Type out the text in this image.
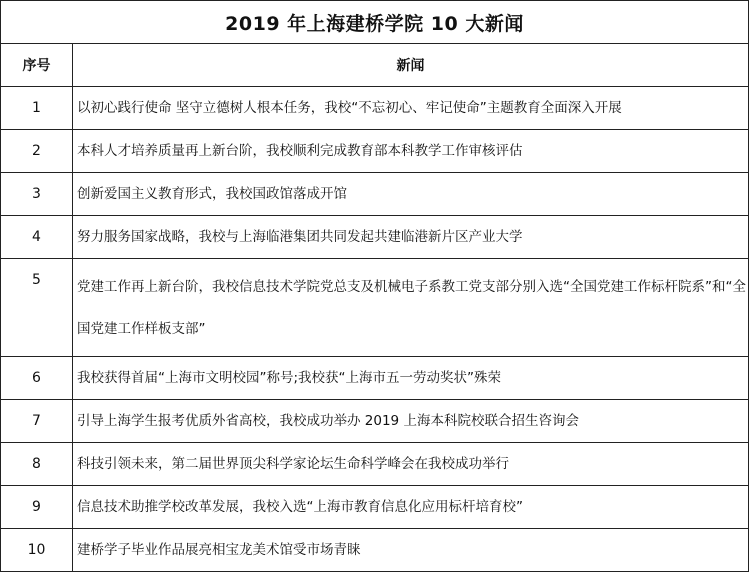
2019 年上海建桥学院 10 大新闻	
序号	新闻
1	以初心践行使命 坚守立德树人根本任务，我校“不忘初心、牢记使命”主题教育全面深入开展
2	本科人才培养质量再上新台阶，我校顺利完成教育部本科教学工作审核评估
3	创新爱国主义教育形式，我校国政馆落成开馆
4	努力服务国家战略，我校与上海临港集团共同发起共建临港新片区产业大学
5	党建工作再上新台阶，我校信息技术学院党总支及机械电子系教工党支部分别入选“全国党建工作标杆院系”和“全国党建工作样板支部”
6	我校获得首届“上海市文明校园”称号;我校获“上海市五一劳动奖状”殊荣
7	引导上海学生报考优质外省高校，我校成功举办 2019 上海本科院校联合招生咨询会
8	科技引领未来，第二届世界顶尖科学家论坛生命科学峰会在我校成功举行
9	信息技术助推学校改革发展，我校入选“上海市教育信息化应用标杆培育校”
10	建桥学子毕业作品展亮相宝龙美术馆受市场青睐
